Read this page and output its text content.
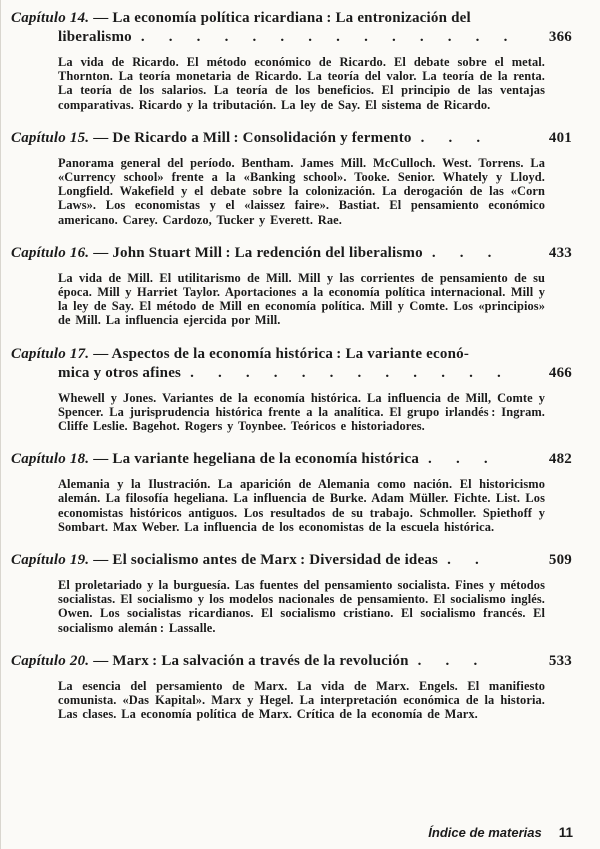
Capítulo 14. — La economía política ricardiana : La entronización del
liberalismo . . . . . . . . . . . . . .	366

La vida de Ricardo. El método económico de Ricardo. El debate sobre el metal. Thornton. La teoría monetaria de Ricardo. La teoría del valor. La teoría de la renta. La teoría de los salarios. La teoría de los beneficios. El principio de las ventajas comparativas. Ricardo y la tributación. La ley de Say. El sistema de Ricardo.

Capítulo 15. — De Ricardo a Mill : Consolidación y fermento . . .	401

Panorama general del período. Bentham. James Mill. McCulloch. West. Torrens. La «Currency school» frente a la «Banking school». Tooke. Senior. Whately y Lloyd. Longfield. Wakefield y el debate sobre la colonización. La derogación de las «Corn Laws». Los economistas y el «laissez faire». Bastiat. El pensamiento económico americano. Carey. Cardozo, Tucker y Everett. Rae.

Capítulo 16. — John Stuart Mill : La redención del liberalismo . . .	433

La vida de Mill. El utilitarismo de Mill. Mill y las corrientes de pensamiento de su época. Mill y Harriet Taylor. Aportaciones a la economía política internacional. Mill y la ley de Say. El método de Mill en economía política. Mill y Comte. Los «principios» de Mill. La influencia ejercida por Mill.

Capítulo 17. — Aspectos de la economía histórica : La variante econó-
mica y otros afines . . . . . . . . . . . .	466

Whewell y Jones. Variantes de la economía histórica. La influencia de Mill, Comte y Spencer. La jurisprudencia histórica frente a la analítica. El grupo irlandés : Ingram. Cliffe Leslie. Bagehot. Rogers y Toynbee. Teóricos e historiadores.

Capítulo 18. — La variante hegeliana de la economía histórica . . .	482

Alemania y la Ilustración. La aparición de Alemania como nación. El historicismo alemán. La filosofía hegeliana. La influencia de Burke. Adam Müller. Fichte. List. Los economistas históricos antiguos. Los resultados de su trabajo. Schmoller. Spiethoff y Sombart. Max Weber. La influencia de los economistas de la escuela histórica.

Capítulo 19. — El socialismo antes de Marx : Diversidad de ideas . .	509

El proletariado y la burguesía. Las fuentes del pensamiento socialista. Fines y métodos socialistas. El socialismo y los modelos nacionales de pensamiento. El socialismo inglés. Owen. Los socialistas ricardianos. El socialismo cristiano. El socialismo francés. El socialismo alemán : Lassalle.

Capítulo 20. — Marx : La salvación a través de la revolución . . .	533

La esencia del persamiento de Marx. La vida de Marx. Engels. El manifiesto comunista. «Das Kapital». Marx y Hegel. La interpretación económica de la historia. Las clases. La economía política de Marx. Crítica de la economía de Marx.

Índice de materias 11
